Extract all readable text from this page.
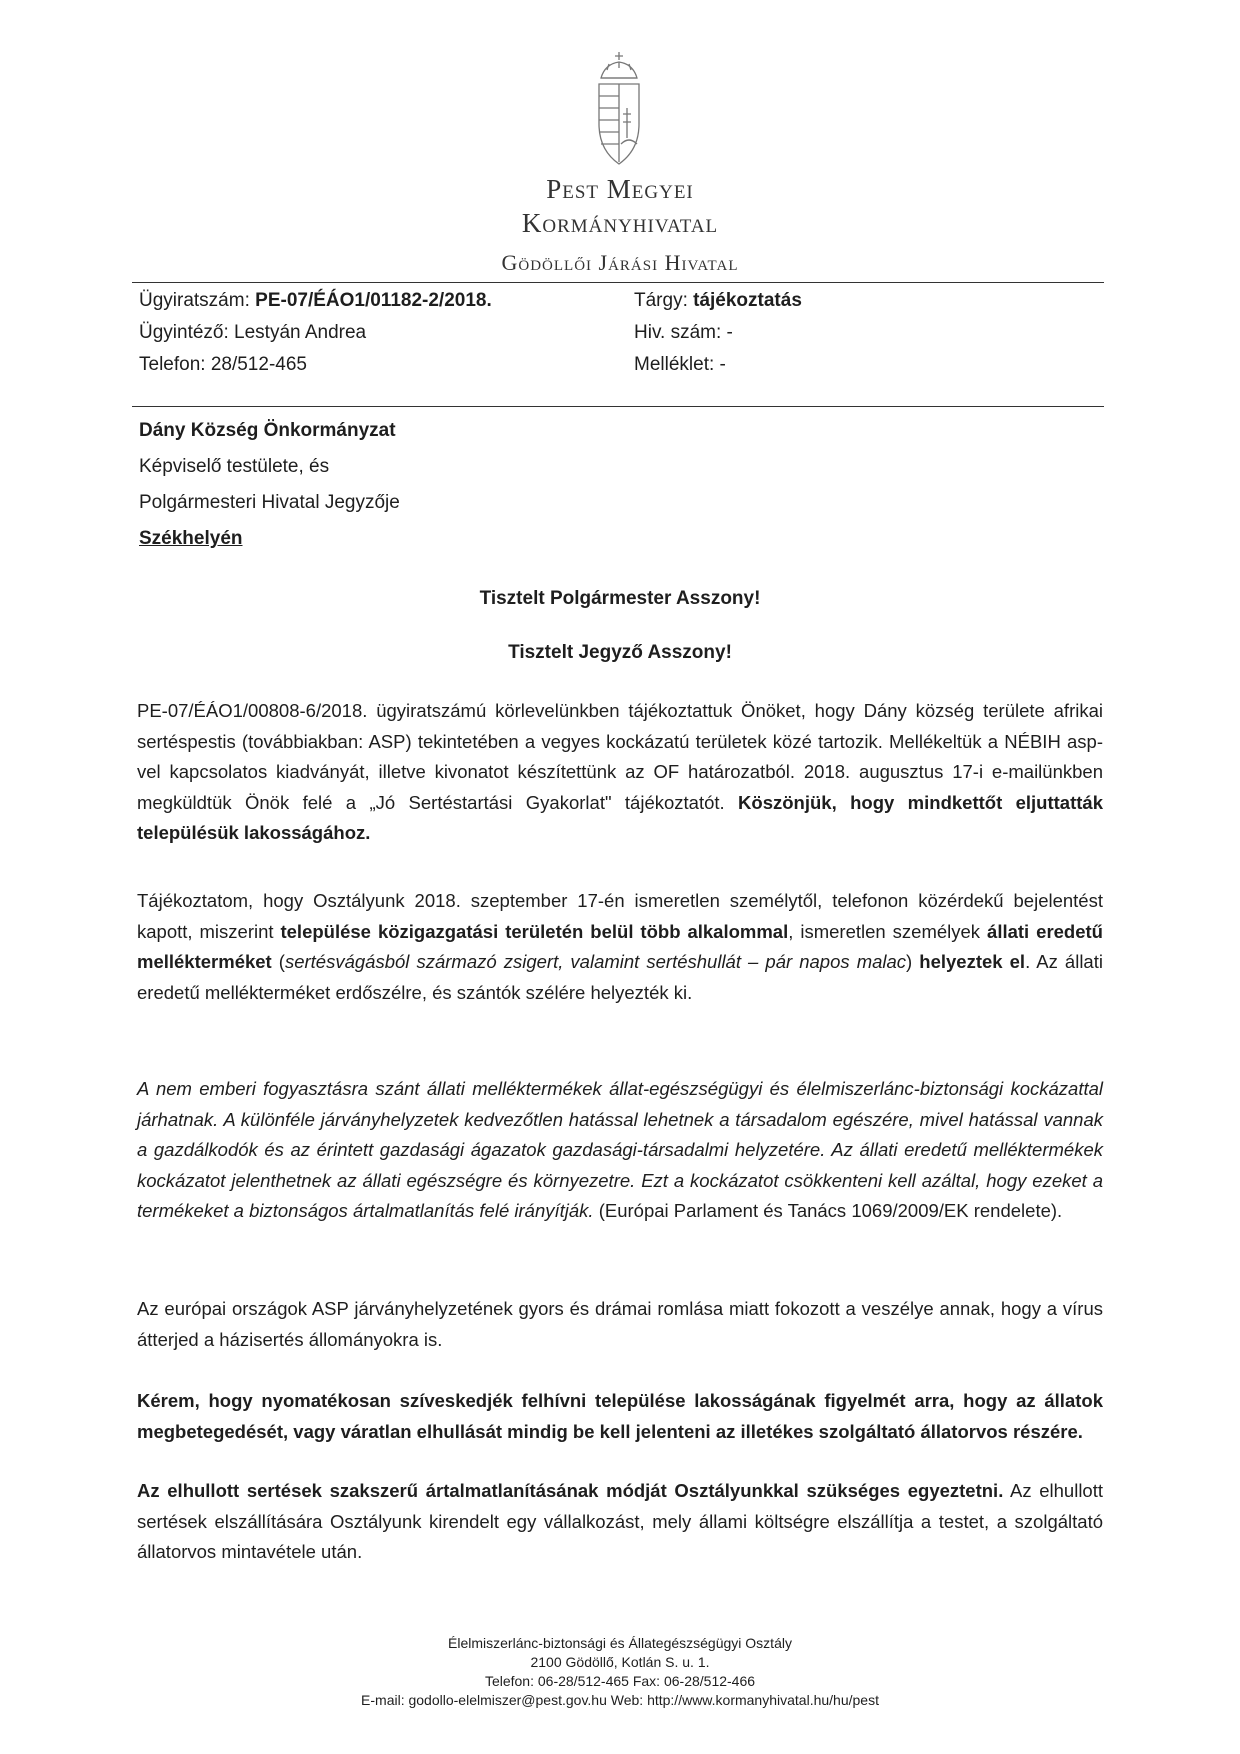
Pest Megyei
Kormányhivatal
Gödöllői Járási Hivatal
Ügyiratszám: PE-07/ÉÁO1/01182-2/2018.
Ügyintéző: Lestyán Andrea
Telefon: 28/512-465
Tárgy: tájékoztatás
Hiv. szám: -
Melléklet: -
Dány Község Önkormányzat
Képviselő testülete, és
Polgármesteri Hivatal Jegyzője
Székhelyén
Tisztelt Polgármester Asszony!
Tisztelt Jegyző Asszony!
PE-07/ÉÁO1/00808-6/2018. ügyiratszámú körlevelünkben tájékoztattuk Önöket, hogy Dány község területe afrikai sertéspestis (továbbiakban: ASP) tekintetében a vegyes kockázatú területek közé tartozik. Mellékeltük a NÉBIH asp-vel kapcsolatos kiadványát, illetve kivonatot készítettünk az OF határozatból. 2018. augusztus 17-i e-mailünkben megküldtük Önök felé a „Jó Sertéstartási Gyakorlat" tájékoztatót. Köszönjük, hogy mindkettőt eljuttatták településük lakosságához.
Tájékoztatom, hogy Osztályunk 2018. szeptember 17-én ismeretlen személytől, telefonon közérdekű bejelentést kapott, miszerint települése közigazgatási területén belül több alkalommal, ismeretlen személyek állati eredetű mellékterméket (sertésvágásból származó zsigert, valamint sertéshullát – pár napos malac) helyeztek el. Az állati eredetű mellékterméket erdőszélre, és szántók szélére helyezték ki.
A nem emberi fogyasztásra szánt állati melléktermékek állat-egészségügyi és élelmiszerlánc-biztonsági kockázattal járhatnak. A különféle járványhelyzetek kedvezőtlen hatással lehetnek a társadalom egészére, mivel hatással vannak a gazdálkodók és az érintett gazdasági ágazatok gazdasági-társadalmi helyzetére. Az állati eredetű melléktermékek kockázatot jelenthetnek az állati egészségre és környezetre. Ezt a kockázatot csökkenteni kell azáltal, hogy ezeket a termékeket a biztonságos ártalmatlanítás felé irányítják. (Európai Parlament és Tanács 1069/2009/EK rendelete).
Az európai országok ASP járványhelyzetének gyors és drámai romlása miatt fokozott a veszélye annak, hogy a vírus átterjed a házisertés állományokra is.
Kérem, hogy nyomatékosan szíveskedjék felhívni települése lakosságának figyelmét arra, hogy az állatok megbetegedését, vagy váratlan elhullását mindig be kell jelenteni az illetékes szolgáltató állatorvos részére.
Az elhullott sertések szakszerű ártalmatlanításának módját Osztályunkkal szükséges egyeztetni. Az elhullott sertések elszállítására Osztályunk kirendelt egy vállalkozást, mely állami költségre elszállítja a testet, a szolgáltató állatorvos mintavétele után.
Élelmiszerlánc-biztonsági és Állategészségügyi Osztály
2100 Gödöllő, Kotlán S. u. 1.
Telefon: 06-28/512-465 Fax: 06-28/512-466
E-mail: godollo-elelmiszer@pest.gov.hu Web: http://www.kormanyhivatal.hu/hu/pest
